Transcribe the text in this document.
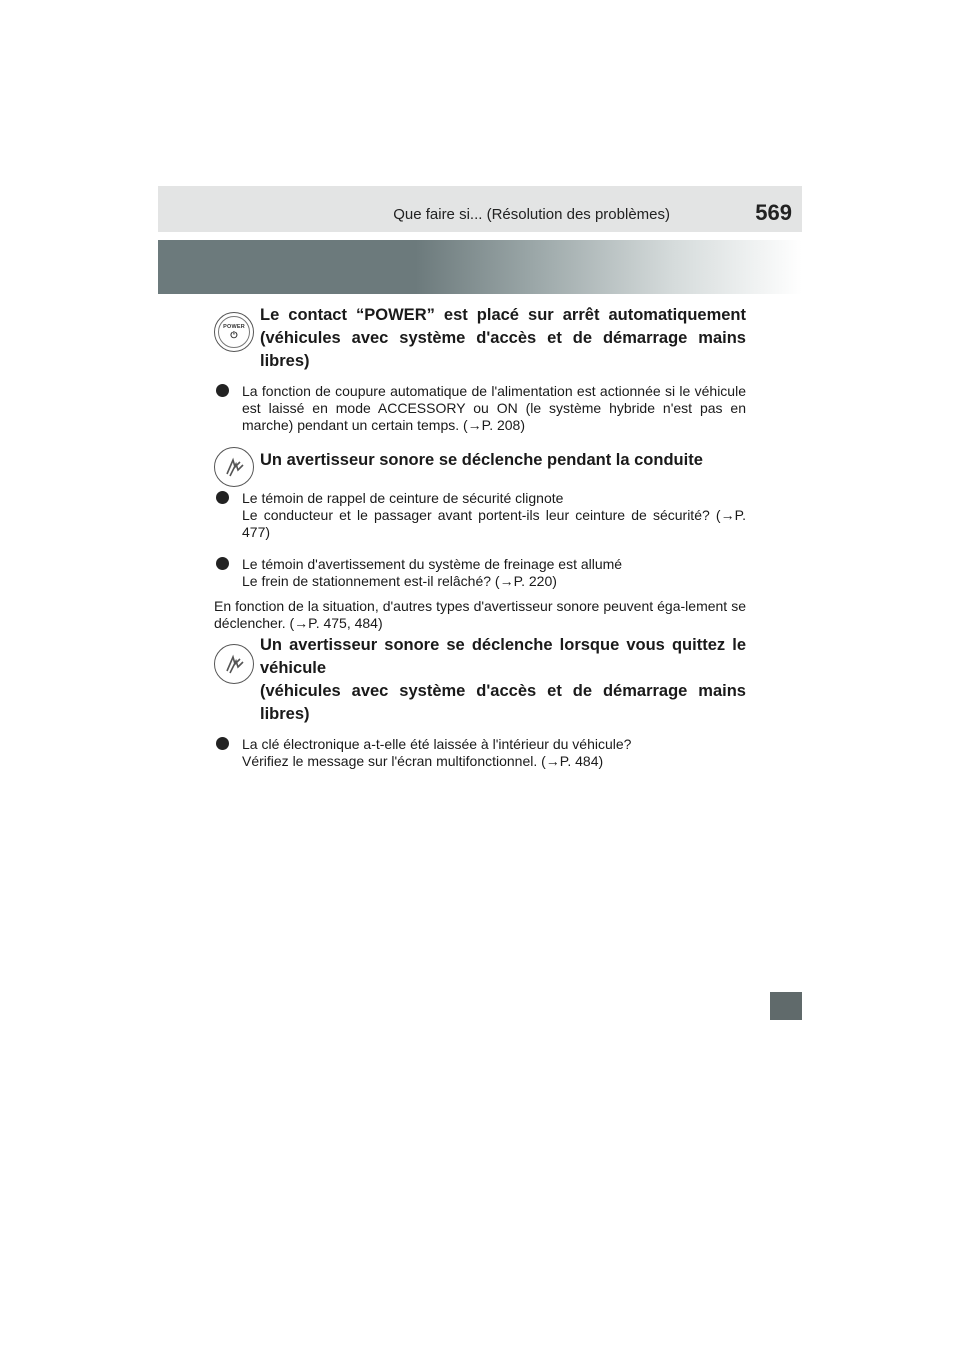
Que faire si... (Résolution des problèmes)	569
POWER
⏻
Le contact “POWER” est placé sur arrêt automatiquement (véhicules avec système d'accès et de démarrage mains libres)
La fonction de coupure automatique de l'alimentation est actionnée si le véhicule est laissé en mode ACCESSORY ou ON (le système hybride n'est pas en marche) pendant un certain temps. (→P. 208)
Un avertisseur sonore se déclenche pendant la conduite
Le témoin de rappel de ceinture de sécurité clignote
Le conducteur et le passager avant portent-ils leur ceinture de sécurité? (→P. 477)
Le témoin d'avertissement du système de freinage est allumé
Le frein de stationnement est-il relâché? (→P. 220)
En fonction de la situation, d'autres types d'avertisseur sonore peuvent éga-lement se déclencher. (→P. 475, 484)
Un avertisseur sonore se déclenche lorsque vous quittez le véhicule
(véhicules avec système d'accès et de démarrage mains libres)
La clé électronique a-t-elle été laissée à l'intérieur du véhicule?
Vérifiez le message sur l'écran multifonctionnel. (→P. 484)
